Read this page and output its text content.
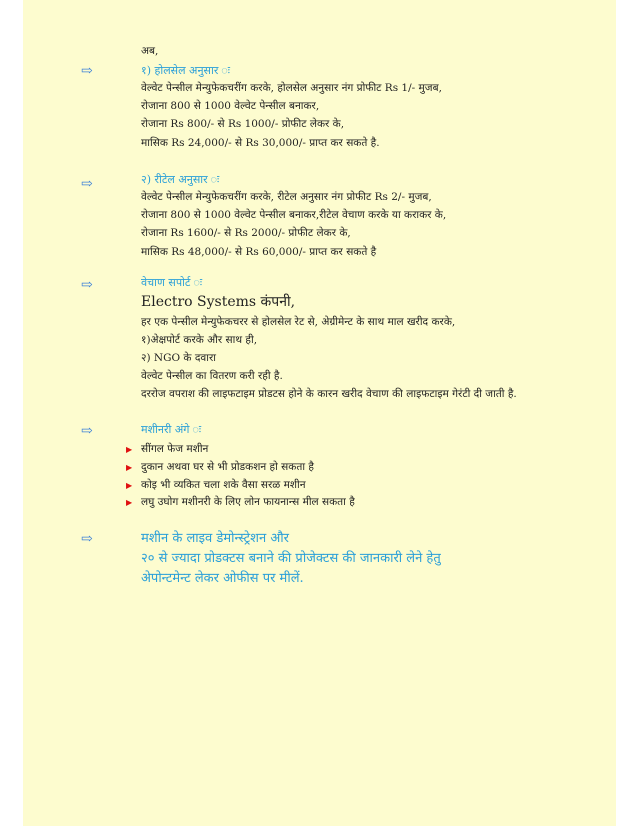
अब,
⇨	१) होलसेल अनुसार ः
वेल्वेट पेन्सील मेन्युफेकचरींग करके, होलसेल अनुसार नंग प्रोफीट Rs 1/- मुजब,
रोजाना 800 से 1000 वेल्वेट पेन्सील बनाकर,
रोजाना Rs 800/- से Rs 1000/- प्रोफीट लेकर के,
मासिक Rs 24,000/- से Rs 30,000/- प्राप्त कर सकते है.
⇨	२) रीटेल अनुसार ः
वेल्वेट पेन्सील मेन्युफेकचरींग करके, रीटेल अनुसार नंग प्रोफीट Rs 2/- मुजब,
रोजाना 800 से 1000 वेल्वेट पेन्सील बनाकर,रीटेल वेचाण करके या कराकर के,
रोजाना Rs 1600/- से Rs 2000/- प्रोफीट लेकर के,
मासिक Rs 48,000/- से Rs 60,000/- प्राप्त कर सकते है
⇨	वेचाण सपोर्ट ः
Electro Systems कंपनी,
हर एक पेन्सील मेन्युफेकचरर से होलसेल रेट से, अेग्रीमेन्ट के साथ माल खरीद करके,
१)अेक्षपोर्ट करके और साथ ही,
२) NGO के दवारा
वेल्वेट पेन्सील का वितरण करी रही है.
दरराेज वपराश की लाइफटाइम प्रोडटस होने के कारन खरीद वेचाण की लाइफटाइम गेरंटी दी जाती है.
⇨	मशीनरी अंगे ः
▶ सींगल फेज मशीन
▶ दुकान अथवा घर से भी प्रोडकशन हो सकता है
▶ कोइ भी व्यकित चला शके वैसा सरळ मशीन
▶ लघु उघोग मशीनरी के लिए लोन फायनान्स मील सकता है
⇨	मशीन के लाइव डेमोन्स्ट्रेशन और
२० से ज्यादा प्रोडक्टस बनाने की प्रोजेक्टस की जानकारी लेने हेतु
अेपोन्टमेन्ट लेकर ओफीस पर मीलें.
